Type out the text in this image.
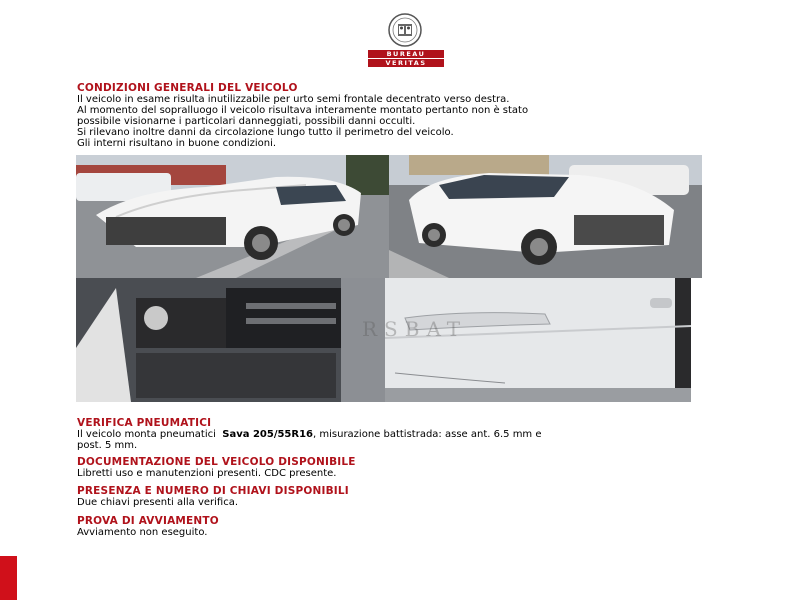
BUREAU
VERITAS
CONDIZIONI GENERALI DEL VEICOLO
Il veicolo in esame risulta inutilizzabile per urto semi frontale decentrato verso destra.
Al momento del sopralluogo il veicolo risultava interamente montato pertanto non è stato
possibile visionarne i particolari danneggiati, possibili danni occulti.
Si rilevano inoltre danni da circolazione lungo tutto il perimetro del veicolo.
Gli interni risultano in buone condizioni.
RSBAT
VERIFICA PNEUMATICI
Il veicolo monta pneumatici  Sava 205/55R16, misurazione battistrada: asse ant. 6.5 mm e
post. 5 mm.
DOCUMENTAZIONE DEL VEICOLO DISPONIBILE
Libretti uso e manutenzioni presenti. CDC presente.
PRESENZA E NUMERO DI CHIAVI DISPONIBILI
Due chiavi presenti alla verifica.
PROVA DI AVVIAMENTO
Avviamento non eseguito.
